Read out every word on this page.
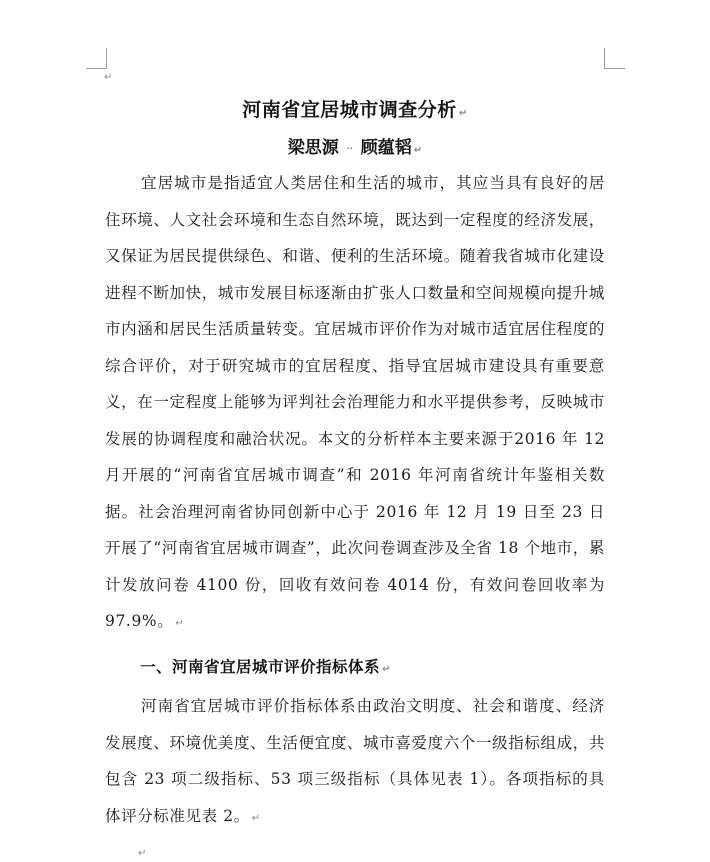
↵
河南省宜居城市调查分析 ↵
梁思源 ·· 顾蕴韬 ↵

宜居城市是指适宜人类居住和生活的城市，其应当具有良好的居住环境、人文社会环境和生态自然环境，既达到一定程度的经济发展，又保证为居民提供绿色、和谐、便利的生活环境。随着我省城市化建设进程不断加快，城市发展目标逐渐由扩张人口数量和空间规模向提升城市内涵和居民生活质量转变。宜居城市评价作为对城市适宜居住程度的综合评价，对于研究城市的宜居程度、指导宜居城市建设具有重要意义，在一定程度上能够为评判社会治理能力和水平提供参考，反映城市发展的协调程度和融洽状况。本文的分析样本主要来源于2016 年 12 月开展的“河南省宜居城市调查”和 2016 年河南省统计年鉴相关数据。社会治理河南省协同创新中心于 2016 年 12 月 19 日至 23 日开展了“河南省宜居城市调查”，此次问卷调查涉及全省 18 个地市，累计发放问卷 4100 份，回收有效问卷 4014 份，有效问卷回收率为 97.9%。 ↵

一、河南省宜居城市评价指标体系 ↵

河南省宜居城市评价指标体系由政治文明度、社会和谐度、经济发展度、环境优美度、生活便宜度、城市喜爱度六个一级指标组成，共包含 23 项二级指标、53 项三级指标（具体见表 1）。各项指标的具体评分标准见表 2。 ↵

↵
